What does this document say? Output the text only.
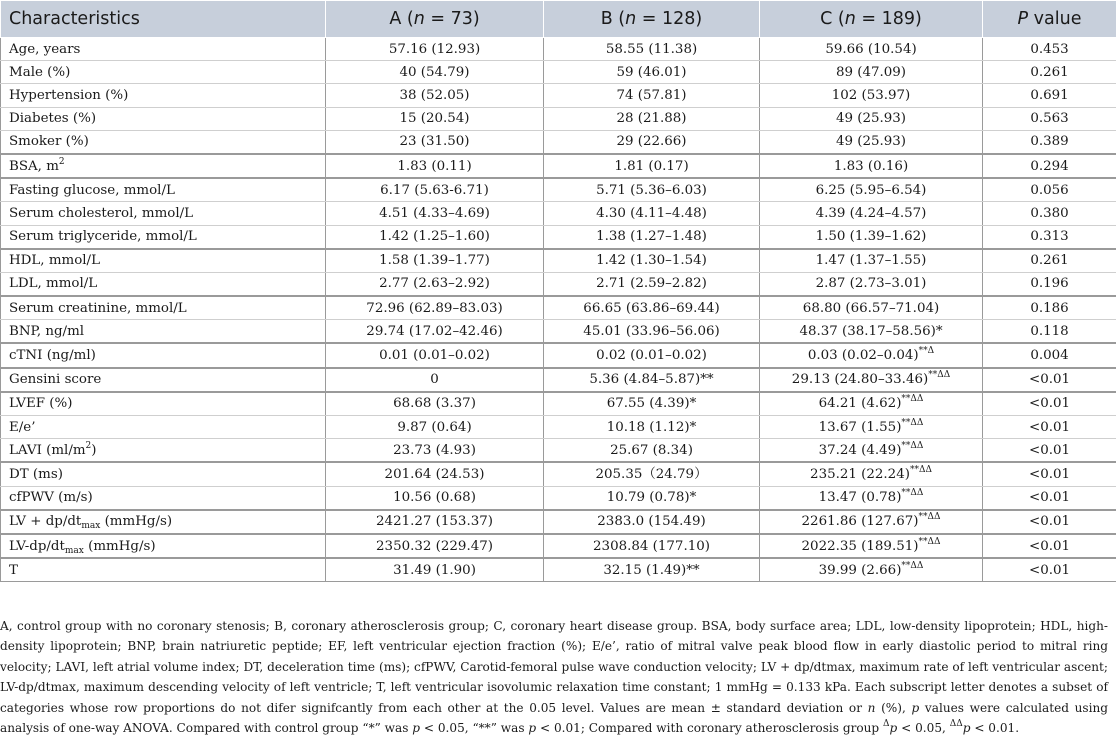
Characteristics	A (n = 73)	B (n = 128)	C (n = 189)	P value
Age, years	57.16 (12.93)	58.55 (11.38)	59.66 (10.54)	0.453
Male (%)	40 (54.79)	59 (46.01)	89 (47.09)	0.261
Hypertension (%)	38 (52.05)	74 (57.81)	102 (53.97)	0.691
Diabetes (%)	15 (20.54)	28 (21.88)	49 (25.93)	0.563
Smoker (%)	23 (31.50)	29 (22.66)	49 (25.93)	0.389
BSA, $m^2$	1.83 (0.11)	1.81 (0.17)	1.83 (0.16)	0.294
Fasting glucose, mmol/L	6.17 (5.63-6.71)	5.71 (5.36–6.03)	6.25 (5.95–6.54)	0.056
Serum cholesterol, mmol/L	4.51 (4.33–4.69)	4.30 (4.11–4.48)	4.39 (4.24–4.57)	0.380
Serum triglyceride, mmol/L	1.42 (1.25–1.60)	1.38 (1.27–1.48)	1.50 (1.39–1.62)	0.313
HDL, mmol/L	1.58 (1.39–1.77)	1.42 (1.30–1.54)	1.47 (1.37–1.55)	0.261
LDL, mmol/L	2.77 (2.63–2.92)	2.71 (2.59–2.82)	2.87 (2.73–3.01)	0.196
Serum creatinine, mmol/L	72.96 (62.89–83.03)	66.65 (63.86–69.44)	68.80 (66.57–71.04)	0.186
BNP, ng/ml	29.74 (17.02–42.46)	45.01 (33.96–56.06)	48.37 (38.17–58.56)*	0.118
cTNI (ng/ml)	0.01 (0.01–0.02)	0.02 (0.01–0.02)	0.03 $(0.02-0.04)^{**\Delta}$	0.004
Gensini score	0	5.36 (4.84–5.87)**	29.13 $(24.80-33.46)^{**\Delta\Delta}$	<0.01
LVEF (%)	68.68 (3.37)	67.55 (4.39)*	64.21 $(4.62)^{**\Delta\Delta}$	<0.01
E/e’	9.87 (0.64)	10.18 (1.12)*	13.67 $(1.55)^{**\Delta\Delta}$	<0.01
LAVI $(ml/m^2)$	23.73 (4.93)	25.67 (8.34)	37.24 $(4.49)^{**\Delta\Delta}$	<0.01
DT (ms)	201.64 (24.53)	205.35（24.79）	235.21 $(22.24)^{**\Delta\Delta}$	<0.01
cfPWV (m/s)	10.56 (0.68)	10.79 (0.78)*	13.47 $(0.78)^{**\Delta\Delta}$	<0.01
LV + $dp/dt_{max}$ (mmHg/s)	2421.27 (153.37)	2383.0 (154.49)	2261.86 $(127.67)^{**\Delta\Delta}$	<0.01
$LV-dp/dt_{max}$ (mmHg/s)	2350.32 (229.47)	2308.84 (177.10)	2022.35 $(189.51)^{**\Delta\Delta}$	<0.01
T	31.49 (1.90)	32.15 (1.49)**	39.99 $(2.66)^{**\Delta\Delta}$	<0.01
A, control group with no coronary stenosis; B, coronary atherosclerosis group; C, coronary heart disease group. BSA, body surface area; LDL, low-density lipoprotein; HDL, high-density lipoprotein; BNP, brain natriuretic peptide; EF, left ventricular ejection fraction (%); E/e’, ratio of mitral valve peak blood flow in early diastolic period to mitral ring velocity; LAVI, left atrial volume index; DT, deceleration time (ms); cfPWV, Carotid-femoral pulse wave conduction velocity; LV + dp/dtmax, maximum rate of left ventricular ascent; LV-dp/dtmax, maximum descending velocity of left ventricle; T, left ventricular isovolumic relaxation time constant; 1 mmHg = 0.133 kPa. Each subscript letter denotes a subset of categories whose row proportions do not difer signifcantly from each other at the 0.05 level. Values are mean ± standard deviation or n (%), p values were calculated using analysis of one-way ANOVA. Compared with control group “*” was p < 0.05, “**” was p < 0.01; Compared with coronary atherosclerosis group $^\Delta$p < 0.05, $^{\Delta\Delta}$p < 0.01.
